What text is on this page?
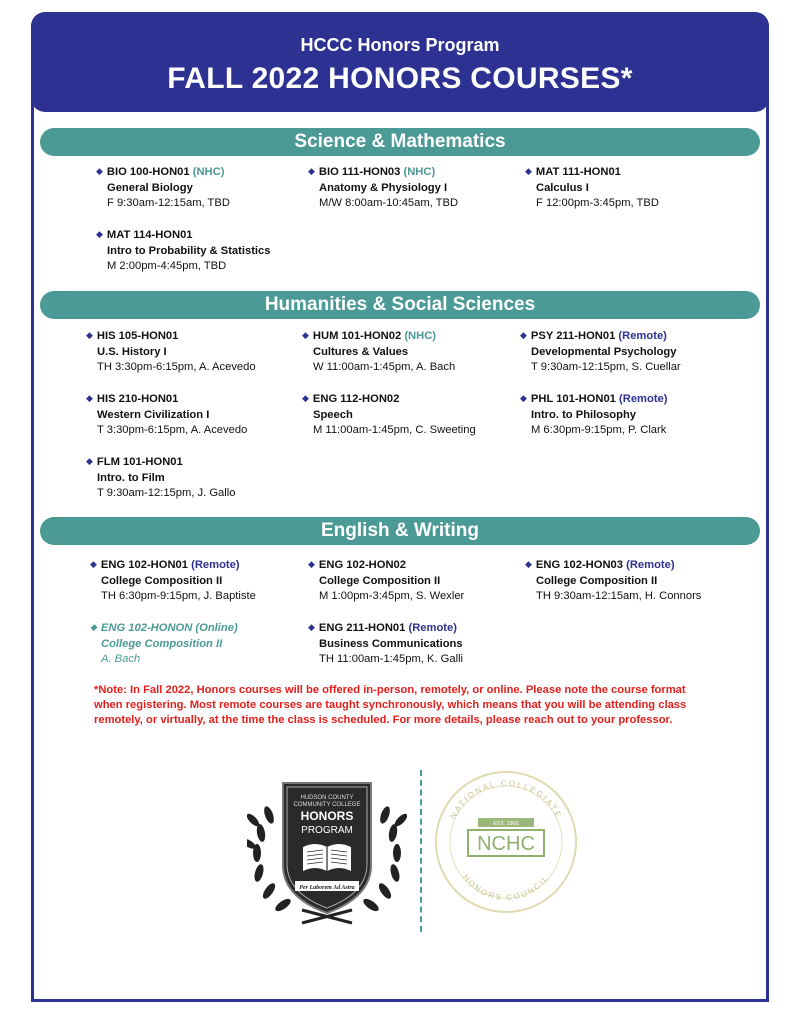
HCCC Honors Program
FALL 2022 HONORS COURSES*
Science & Mathematics
◆ BIO 100-HON01 (NHC)
General Biology
F 9:30am-12:15am, TBD
◆ BIO 111-HON03 (NHC)
Anatomy & Physiology I
M/W 8:00am-10:45am, TBD
◆ MAT 111-HON01
Calculus I
F 12:00pm-3:45pm, TBD
◆ MAT 114-HON01
Intro to Probability & Statistics
M 2:00pm-4:45pm, TBD
Humanities & Social Sciences
◆ HIS 105-HON01
U.S. History I
TH 3:30pm-6:15pm, A. Acevedo
◆ HUM 101-HON02 (NHC)
Cultures & Values
W 11:00am-1:45pm, A. Bach
◆ PSY 211-HON01 (Remote)
Developmental Psychology
T 9:30am-12:15pm, S. Cuellar
◆ HIS 210-HON01
Western Civilization I
T 3:30pm-6:15pm, A. Acevedo
◆ ENG 112-HON02
Speech
M 11:00am-1:45pm, C. Sweeting
◆ PHL 101-HON01 (Remote)
Intro. to Philosophy
M 6:30pm-9:15pm, P. Clark
◆ FLM 101-HON01
Intro. to Film
T 9:30am-12:15pm, J. Gallo
English & Writing
◆ ENG 102-HON01 (Remote)
College Composition II
TH 6:30pm-9:15pm, J. Baptiste
◆ ENG 102-HON02
College Composition II
M 1:00pm-3:45pm, S. Wexler
◆ ENG 102-HON03 (Remote)
College Composition II
TH 9:30am-12:15am, H. Connors
◆ ENG 102-HONON (Online)
College Composition II
A. Bach
◆ ENG 211-HON01 (Remote)
Business Communications
TH 11:00am-1:45pm, K. Galli
*Note: In Fall 2022, Honors courses will be offered in-person, remotely, or online. Please note the course format when registering. Most remote courses are taught synchronously, which means that you will be attending class remotely, or virtually, at the time the class is scheduled. For more details, please reach out to your professor.
HUDSON COUNTY
COMMUNITY COLLEGE
HONORS
PROGRAM
Per Laborem Ad Astra
NATIONAL COLLEGIATE
HONORS COUNCIL
EST. 1966
NCHC
